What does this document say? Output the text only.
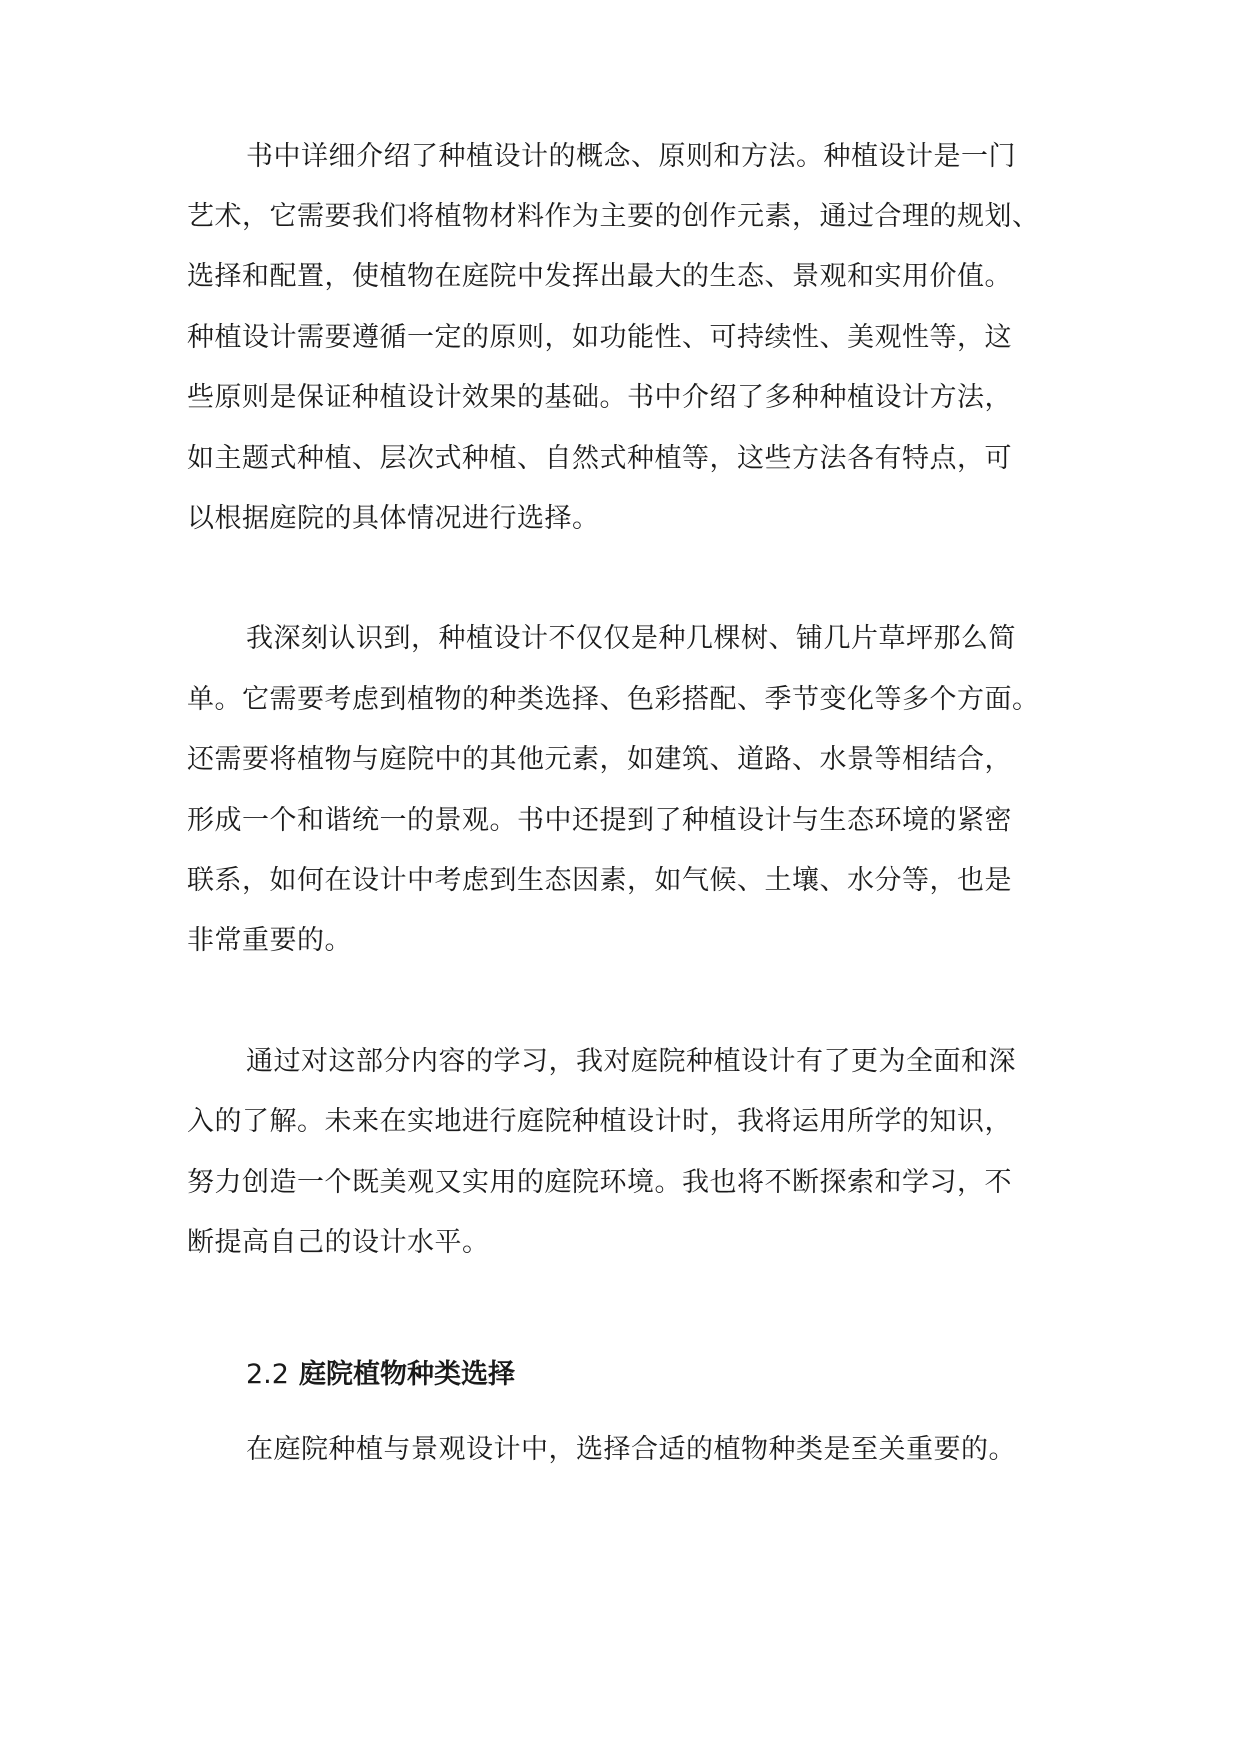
书中详细介绍了种植设计的概念、原则和方法。种植设计是一门

艺术，它需要我们将植物材料作为主要的创作元素，通过合理的规划、

选择和配置，使植物在庭院中发挥出最大的生态、景观和实用价值。

种植设计需要遵循一定的原则，如功能性、可持续性、美观性等，这

些原则是保证种植设计效果的基础。书中介绍了多种种植设计方法，

如主题式种植、层次式种植、自然式种植等，这些方法各有特点，可

以根据庭院的具体情况进行选择。

我深刻认识到，种植设计不仅仅是种几棵树、铺几片草坪那么简

单。它需要考虑到植物的种类选择、色彩搭配、季节变化等多个方面。

还需要将植物与庭院中的其他元素，如建筑、道路、水景等相结合，

形成一个和谐统一的景观。书中还提到了种植设计与生态环境的紧密

联系，如何在设计中考虑到生态因素，如气候、土壤、水分等，也是

非常重要的。

通过对这部分内容的学习，我对庭院种植设计有了更为全面和深

入的了解。未来在实地进行庭院种植设计时，我将运用所学的知识，

努力创造一个既美观又实用的庭院环境。我也将不断探索和学习，不

断提高自己的设计水平。

2.2 庭院植物种类选择

在庭院种植与景观设计中，选择合适的植物种类是至关重要的。
